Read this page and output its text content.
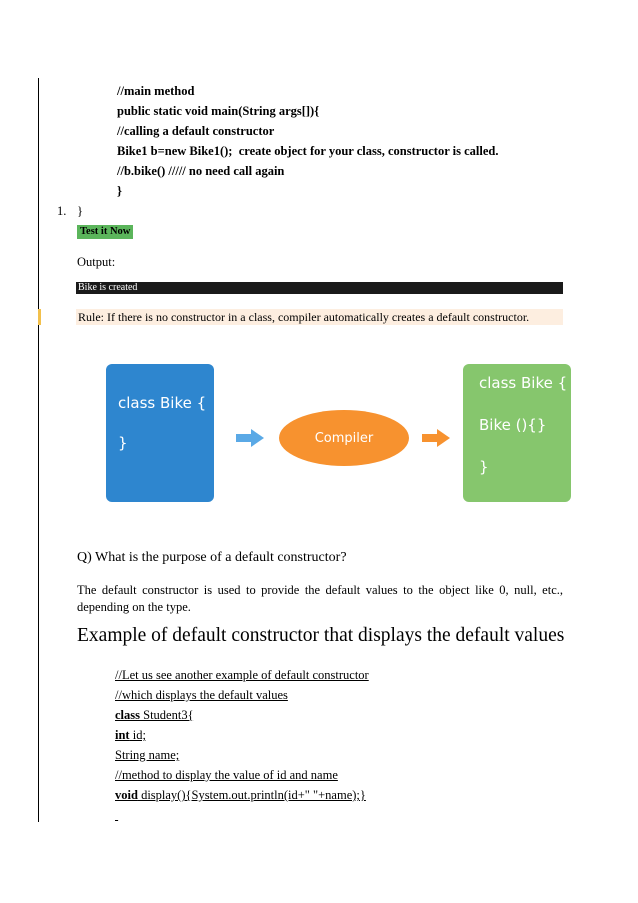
//main method
public static void main(String args[]){
//calling a default constructor
Bike1 b=new Bike1();  create object for your class, constructor is called.
//b.bike() ///// no need call again
}
1. }
Test it Now
Output:
Bike is created
Rule: If there is no constructor in a class, compiler automatically creates a default constructor.
class Bike {
}	Compiler
class Bike {
Bike (){}
}
Q) What is the purpose of a default constructor?
The default constructor is used to provide the default values to the object like 0, null, etc., depending on the type.
Example of default constructor that displays the default values
//Let us see another example of default constructor
//which displays the default values
class Student3{
int id;
String name;
//method to display the value of id and name
void display(){System.out.println(id+" "+name);}
